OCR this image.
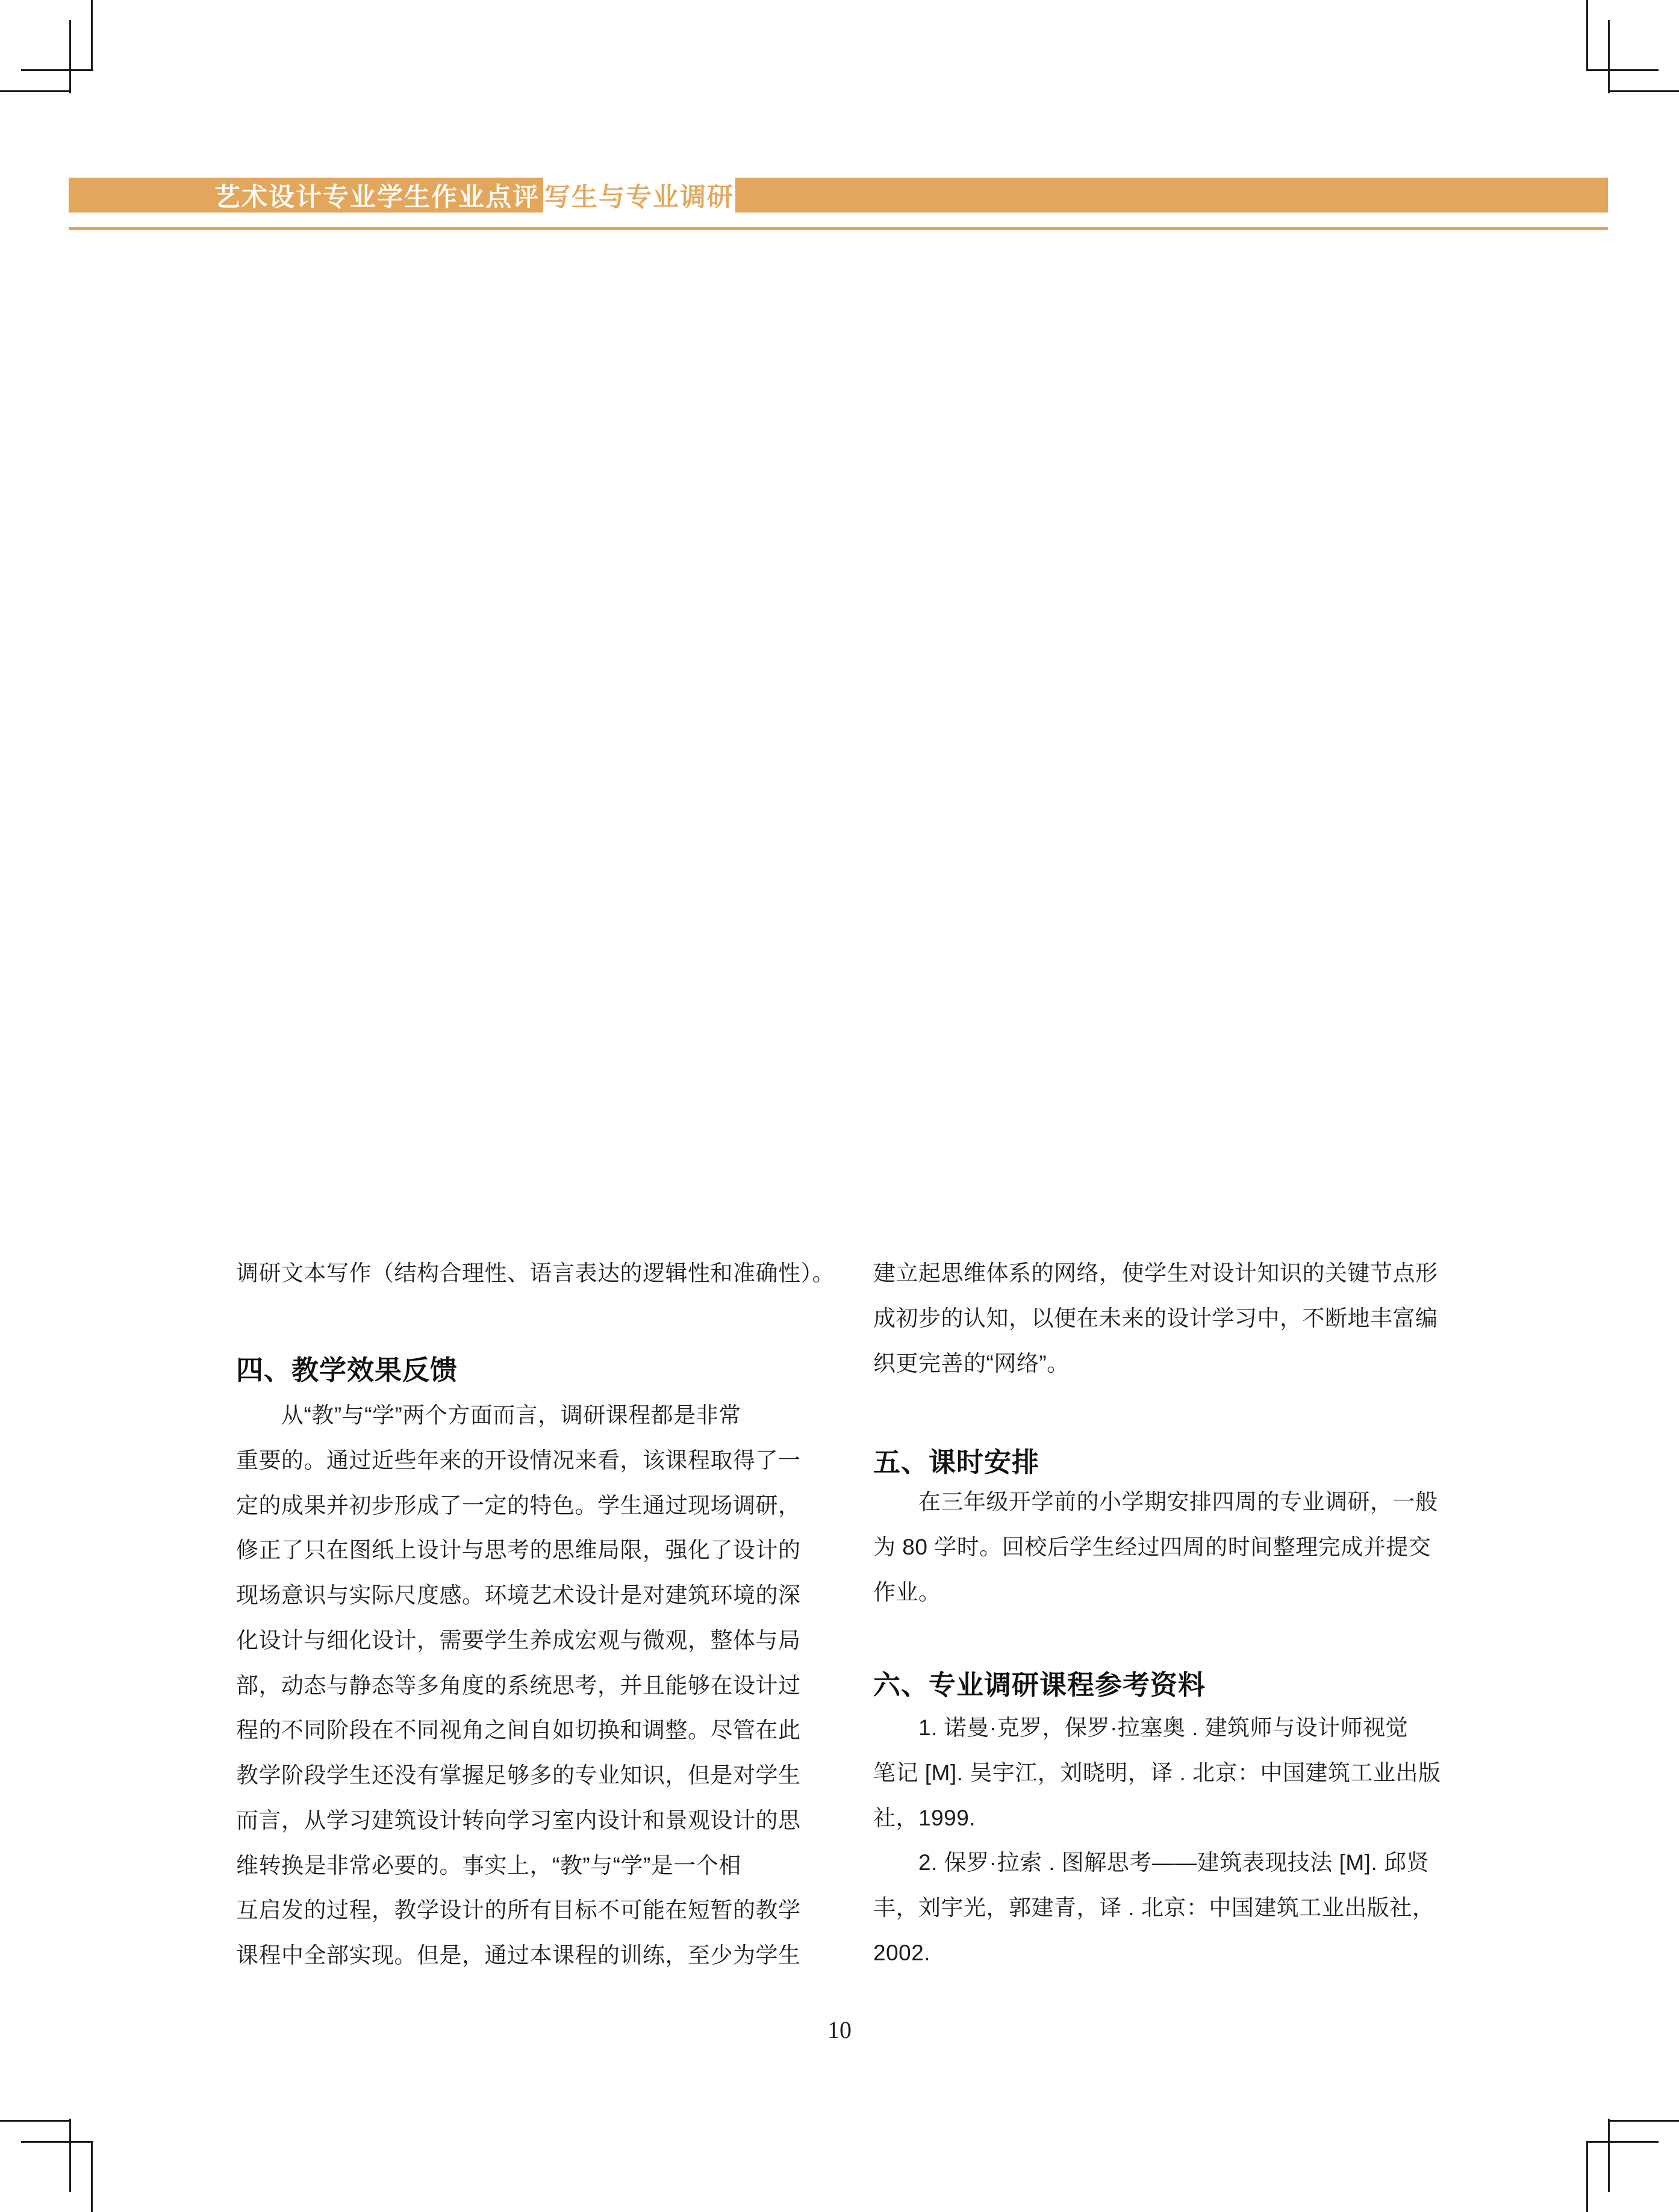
艺术设计专业学生作业点评 写生与专业调研
调研文本写作（结构合理性、语言表达的逻辑性和准确性）。
四、教学效果反馈
　　从“教”与“学”两个方面而言，调研课程都是非常
重要的。通过近些年来的开设情况来看，该课程取得了一
定的成果并初步形成了一定的特色。学生通过现场调研，
修正了只在图纸上设计与思考的思维局限，强化了设计的
现场意识与实际尺度感。环境艺术设计是对建筑环境的深
化设计与细化设计，需要学生养成宏观与微观，整体与局
部，动态与静态等多角度的系统思考，并且能够在设计过
程的不同阶段在不同视角之间自如切换和调整。尽管在此
教学阶段学生还没有掌握足够多的专业知识，但是对学生
而言，从学习建筑设计转向学习室内设计和景观设计的思
维转换是非常必要的。事实上，“教”与“学”是一个相
互启发的过程，教学设计的所有目标不可能在短暂的教学
课程中全部实现。但是，通过本课程的训练，至少为学生
建立起思维体系的网络，使学生对设计知识的关键节点形
成初步的认知，以便在未来的设计学习中，不断地丰富编
织更完善的“网络”。
五、课时安排
　　在三年级开学前的小学期安排四周的专业调研，一般
为 80 学时。回校后学生经过四周的时间整理完成并提交
作业。
六、专业调研课程参考资料
　　1. 诺曼·克罗，保罗·拉塞奥 . 建筑师与设计师视觉
笔记 [M]. 吴宇江，刘晓明，译 . 北京：中国建筑工业出版
社，1999.
　　2. 保罗·拉索 . 图解思考——建筑表现技法 [M]. 邱贤
丰，刘宇光，郭建青，译 . 北京：中国建筑工业出版社，
2002.
10
